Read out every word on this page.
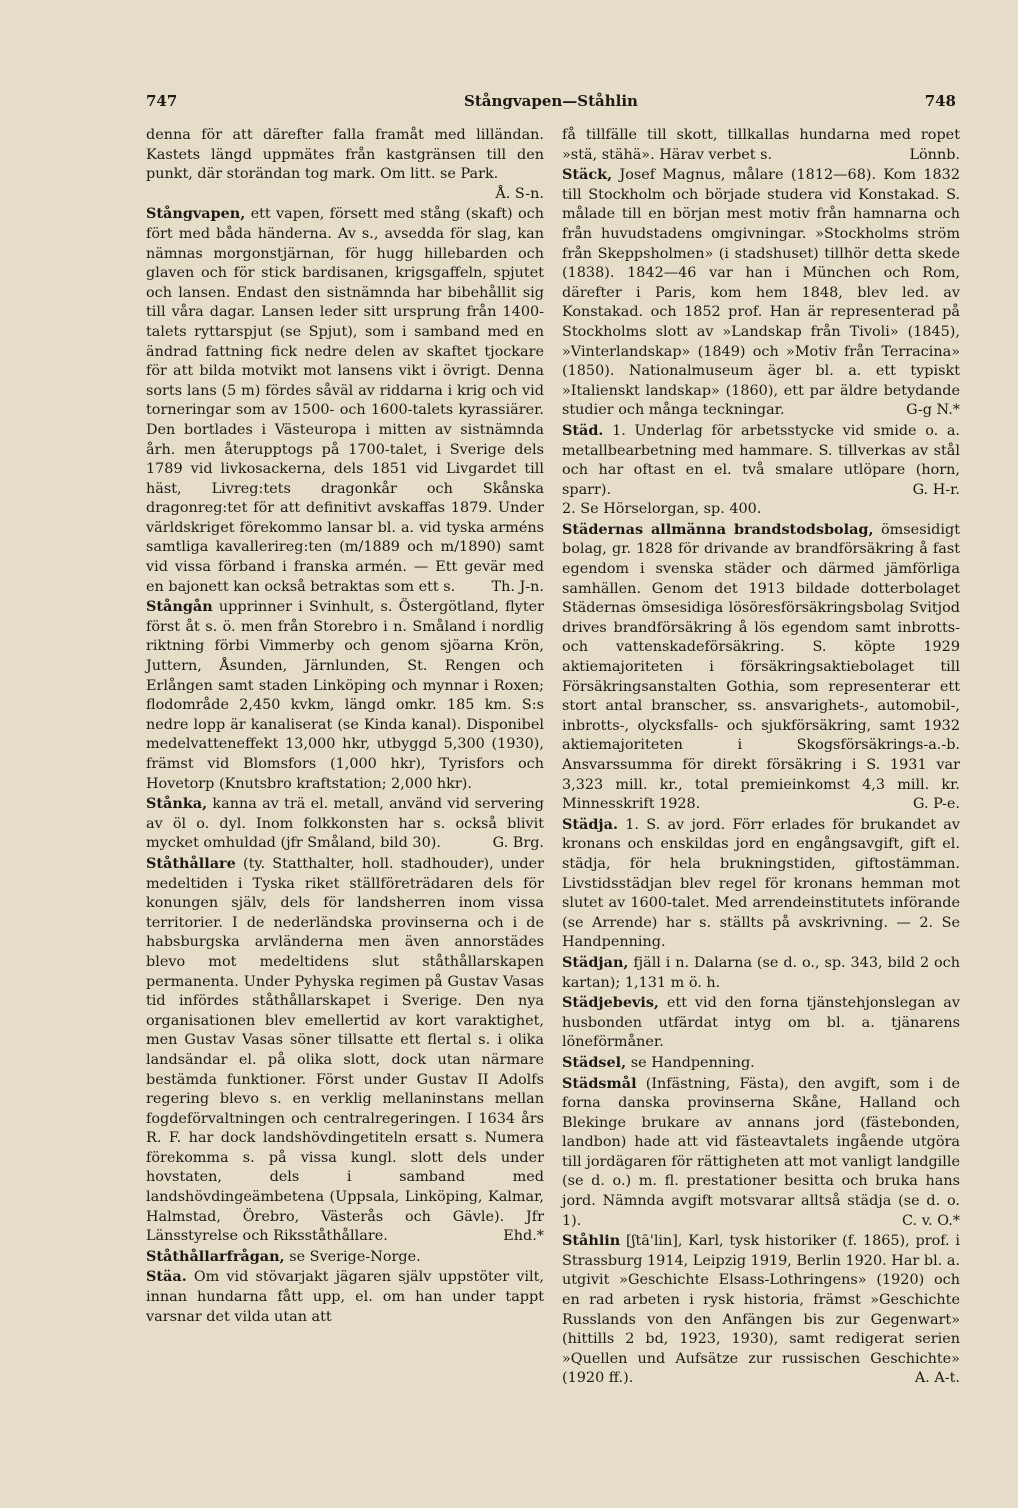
747	Stångvapen—Ståhlin	748

denna för att därefter falla framåt med lilländan. Kastets längd uppmätes från kastgränsen till den punkt, där storändan tog mark. Om litt. se Park.
Å. S-n.

Stångvapen, ett vapen, försett med stång (skaft) och fört med båda händerna. Av s., avsedda för slag, kan nämnas morgonstjärnan, för hugg hillebarden och glaven och för stick bardisanen, krigsgaffeln, spjutet och lansen. Endast den sistnämnda har bibehållit sig till våra dagar. Lansen leder sitt ursprung från 1400-talets ryttarspjut (se Spjut), som i samband med en ändrad fattning fick nedre delen av skaftet tjockare för att bilda motvikt mot lansens vikt i övrigt. Denna sorts lans (5 m) fördes såväl av riddarna i krig och vid torneringar som av 1500- och 1600-talets kyrassiärer. Den bortlades i Västeuropa i mitten av sistnämnda årh. men återupptogs på 1700-talet, i Sverige dels 1789 vid livkosackerna, dels 1851 vid Livgardet till häst, Livreg:tets dragonkår och Skånska dragonreg:tet för att definitivt avskaffas 1879. Under världskriget förekommo lansar bl. a. vid tyska arméns samtliga kavallerireg:ten (m/1889 och m/1890) samt vid vissa förband i franska armén. — Ett gevär med en bajonett kan också betraktas som ett s.	Th. J-n.

Stångån upprinner i Svinhult, s. Östergötland, flyter först åt s. ö. men från Storebro i n. Småland i nordlig riktning förbi Vimmerby och genom sjöarna Krön, Juttern, Åsunden, Järnlunden, St. Rengen och Erlången samt staden Linköping och mynnar i Roxen; flodområde 2,450 kvkm, längd omkr. 185 km. S:s nedre lopp är kanaliserat (se Kinda kanal). Disponibel medelvatteneffekt 13,000 hkr, utbyggd 5,300 (1930), främst vid Blomsfors (1,000 hkr), Tyrisfors och Hovetorp (Knutsbro kraftstation; 2,000 hkr).

Stånka, kanna av trä el. metall, använd vid servering av öl o. dyl. Inom folkkonsten har s. också blivit mycket omhuldad (jfr Småland, bild 30).	G. Brg.

Ståthållare (ty. Statthalter, holl. stadhouder), under medeltiden i Tyska riket ställföreträdaren dels för konungen själv, dels för landsherren inom vissa territorier. I de nederländska provinserna och i de habsburgska arvländerna men även annorstädes blevo mot medeltidens slut ståthållarskapen permanenta. Under Pyhyska regimen på Gustav Vasas tid infördes ståthållarskapet i Sverige. Den nya organisationen blev emellertid av kort varaktighet, men Gustav Vasas söner tillsatte ett flertal s. i olika landsändar el. på olika slott, dock utan närmare bestämda funktioner. Först under Gustav II Adolfs regering blevo s. en verklig mellaninstans mellan fogdeförvaltningen och centralregeringen. I 1634 års R. F. har dock landshövdingetiteln ersatt s. Numera förekomma s. på vissa kungl. slott dels under hovstaten, dels i samband med landshövdingeämbetena (Uppsala, Linköping, Kalmar, Halmstad, Örebro, Västerås och Gävle). Jfr Länsstyrelse och Riksståthållare.	Ehd.*

Ståthållarfrågan, se Sverige-Norge.

Stäa. Om vid stövarjakt jägaren själv uppstöter vilt, innan hundarna fått upp, el. om han under tappt varsnar det vilda utan att

få tillfälle till skott, tillkallas hundarna med ropet »stä, stähä». Härav verbet s.	Lönnb.

Stäck, Josef Magnus, målare (1812—68). Kom 1832 till Stockholm och började studera vid Konstakad. S. målade till en början mest motiv från hamnarna och från huvudstadens omgivningar. »Stockholms ström från Skeppsholmen» (i stadshuset) tillhör detta skede (1838). 1842—46 var han i München och Rom, därefter i Paris, kom hem 1848, blev led. av Konstakad. och 1852 prof. Han är representerad på Stockholms slott av »Landskap från Tivoli» (1845), »Vinterlandskap» (1849) och »Motiv från Terracina» (1850). Nationalmuseum äger bl. a. ett typiskt »Italienskt landskap» (1860), ett par äldre betydande studier och många teckningar.	G-g N.*

Städ. 1. Underlag för arbetsstycke vid smide o. a. metallbearbetning med hammare. S. tillverkas av stål och har oftast en el. två smalare utlöpare (horn, sparr).	G. H-r.

2. Se Hörselorgan, sp. 400.

Städernas allmänna brandstodsbolag, ömsesidigt bolag, gr. 1828 för drivande av brandförsäkring å fast egendom i svenska städer och därmed jämförliga samhällen. Genom det 1913 bildade dotterbolaget Städernas ömsesidiga lösöresförsäkringsbolag Svitjod drives brandförsäkring å lös egendom samt inbrotts- och vattenskadeförsäkring. S. köpte 1929 aktiemajoriteten i försäkringsaktiebolaget till Försäkringsanstalten Gothia, som representerar ett stort antal branscher, ss. ansvarighets-, automobil-, inbrotts-, olycksfalls- och sjukförsäkring, samt 1932 aktiemajoriteten i Skogsförsäkrings-a.-b. Ansvarssumma för direkt försäkring i S. 1931 var 3,323 mill. kr., total premieinkomst 4,3 mill. kr. Minnesskrift 1928.	G. P-e.

Städja. 1. S. av jord. Förr erlades för brukandet av kronans och enskildas jord en engångsavgift, gift el. städja, för hela brukningstiden, giftostämman. Livstidsstädjan blev regel för kronans hemman mot slutet av 1600-talet. Med arrendeinstitutets införande (se Arrende) har s. ställts på avskrivning. — 2. Se Handpenning.

Städjan, fjäll i n. Dalarna (se d. o., sp. 343, bild 2 och kartan); 1,131 m ö. h.

Städjebevis, ett vid den forna tjänstehjonslegan av husbonden utfärdat intyg om bl. a. tjänarens löneförmåner.

Städsel, se Handpenning.

Städsmål (Infästning, Fästa), den avgift, som i de forna danska provinserna Skåne, Halland och Blekinge brukare av annans jord (fästebonden, landbon) hade att vid fästeavtalets ingående utgöra till jordägaren för rättigheten att mot vanligt landgille (se d. o.) m. fl. prestationer besitta och bruka hans jord. Nämnda avgift motsvarar alltså städja (se d. o. 1).	C. v. O.*

Ståhlin [ʃtā'lin], Karl, tysk historiker (f. 1865), prof. i Strassburg 1914, Leipzig 1919, Berlin 1920. Har bl. a. utgivit »Geschichte Elsass-Lothringens» (1920) och en rad arbeten i rysk historia, främst »Geschichte Russlands von den Anfängen bis zur Gegenwart» (hittills 2 bd, 1923, 1930), samt redigerat serien »Quellen und Aufsätze zur russischen Geschichte» (1920 ff.).	A. A-t.
